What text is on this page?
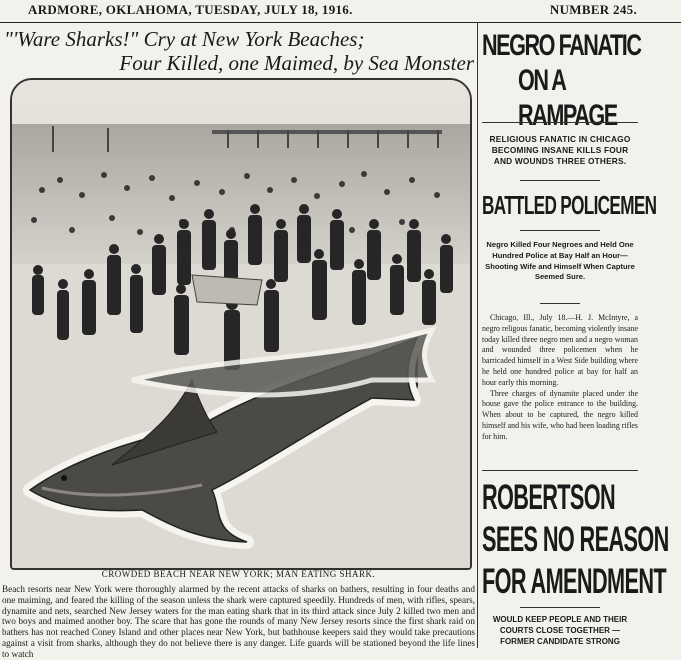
ARDMORE, OKLAHOMA, TUESDAY, JULY 18, 1916.	NUMBER 245.
"'Ware Sharks!" Cry at New York Beaches;
Four Killed, one Maimed, by Sea Monster
CROWDED BEACH NEAR NEW YORK; MAN EATING SHARK.
Beach resorts near New York were thoroughly alarmed by the recent attacks of sharks on bathers, resulting in four deaths and one maiming, and feared the killing of the season unless the shark were captured speedily. Hundreds of men, with rifles, spears, dynamite and nets, searched New Jersey waters for the man eating shark that in its third attack since July 2 killed two men and two boys and maimed another boy. The scare that has gone the rounds of many New Jersey resorts since the first shark raid on bathers has not reached Coney Island and other places near New York, but bathhouse keepers said they would take precautions against a visit from sharks, although they do not believe there is any danger. Life guards will be stationed beyond the life lines to watch
NEGRO FANATIC
ON A RAMPAGE
RELIGIOUS FANATIC IN CHICAGO BECOMING INSANE KILLS FOUR AND WOUNDS THREE OTHERS.
BATTLED POLICEMEN
Negro Killed Four Negroes and Held One Hundred Police at Bay Half an Hour—Shooting Wife and Himself When Capture Seemed Sure.

Chicago, Ill., July 18.—H. J. McIntyre, a negro religous fanatic, becoming violently insane today killed three negro men and a negro woman and wounded three policemen when he barricaded himself in a West Side building where he held one hundred police at bay for half an hour early this morning.

Three charges of dynamite placed under the house gave the police entrance to the building. When about to be captured, the negro killed himself and his wife, who had been loading rifles for him.

ROBERTSON
SEES NO REASON
FOR AMENDMENT
WOULD KEEP PEOPLE AND THEIR COURTS CLOSE TOGETHER — FORMER CANDIDATE STRONG
